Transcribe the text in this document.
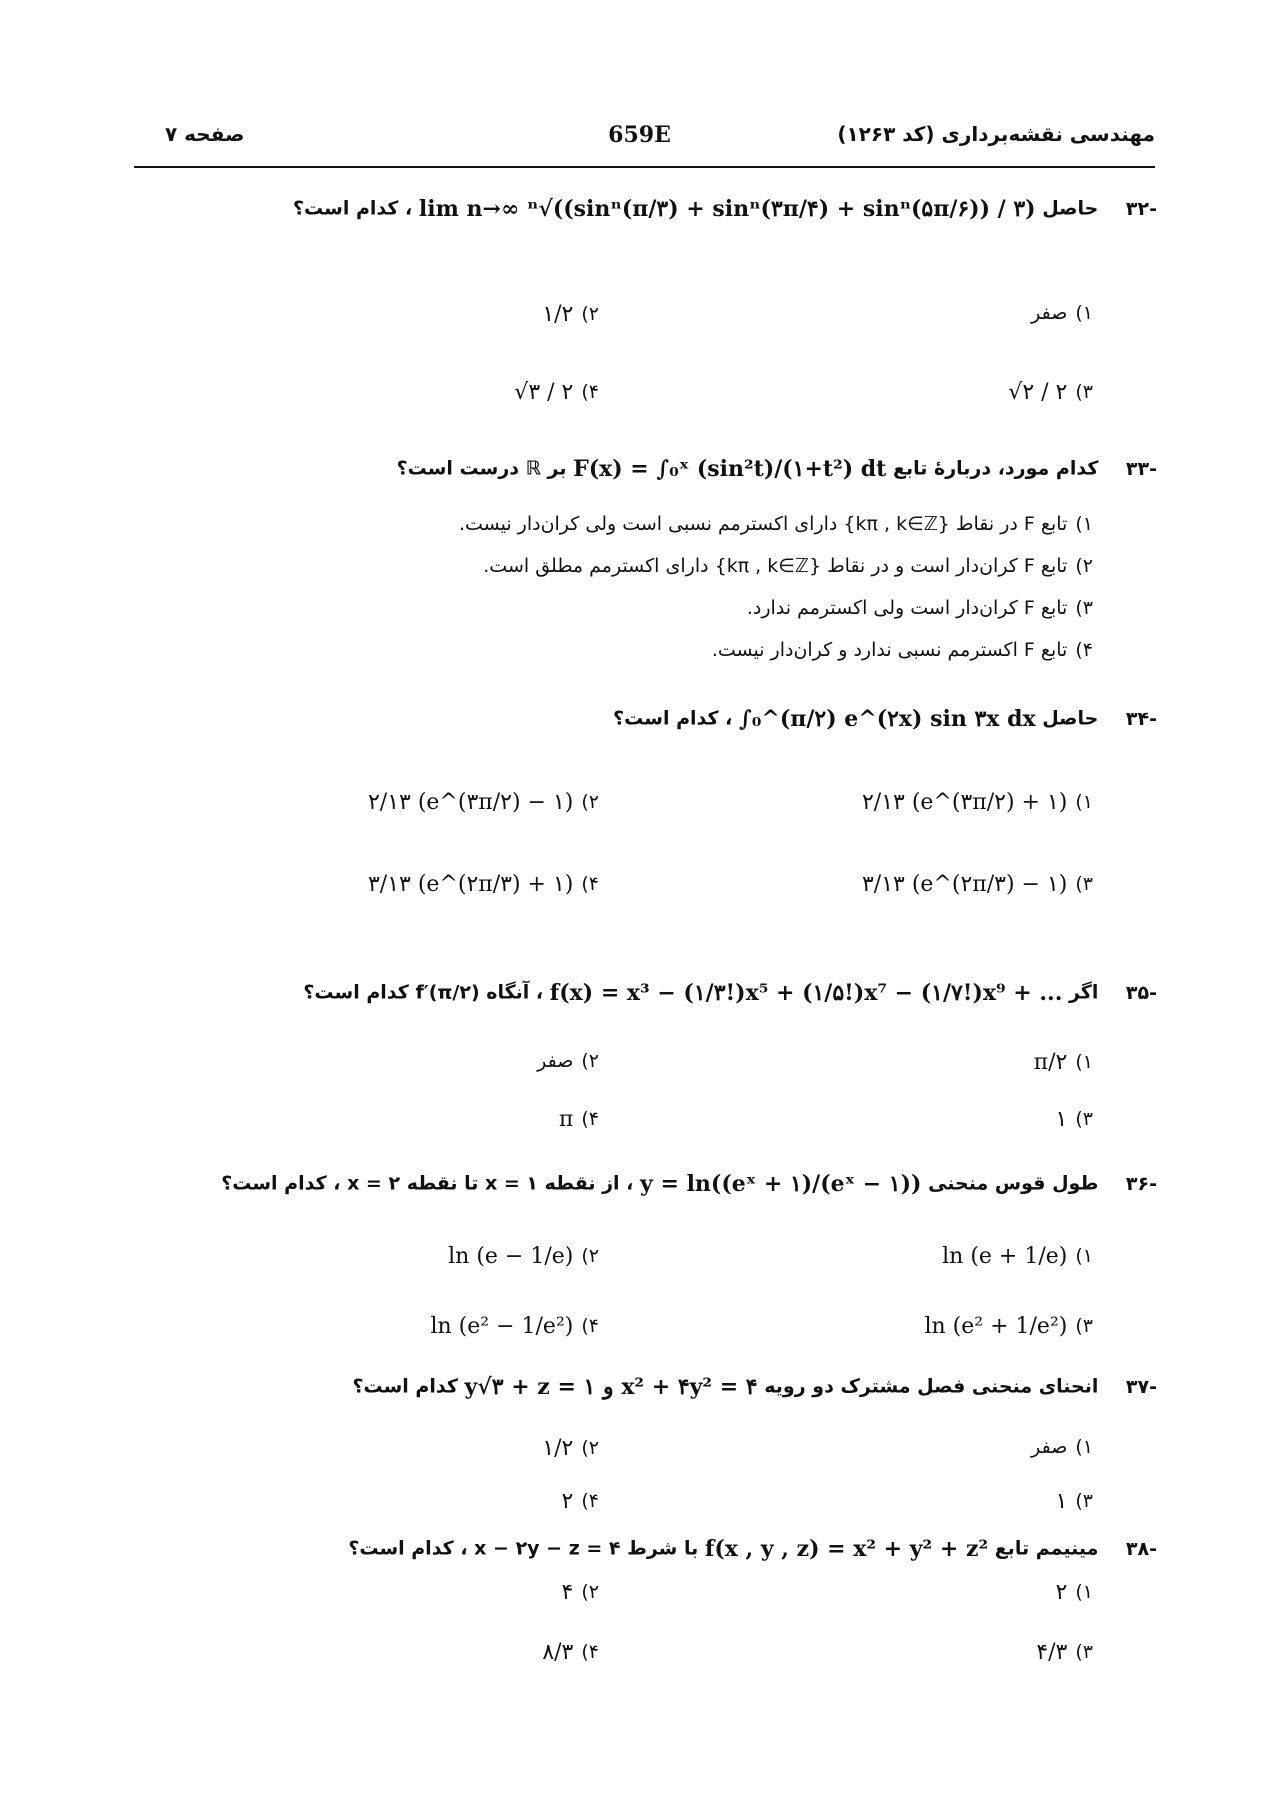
مهندسی نقشه‌برداری (کد ۱۲۶۳)
659E
صفحه ۷
-۳۲ حاصل lim n→∞ ⁿ√((sinⁿ(π/۳) + sinⁿ(۳π/۴) + sinⁿ(۵π/۶)) / ۳) ، کدام است؟
۱)صفر
۲)۱/۲
۳)√۲ / ۲
۴)√۳ / ۲
-۳۳ کدام مورد، دربارهٔ تابع F(x) = ∫₀ˣ (sin²t)/(۱+t²) dt بر ℝ درست است؟
۱)تابع F در نقاط {kπ , k∈ℤ} دارای اکسترمم نسبی است ولی کران‌دار نیست.
۲)تابع F کران‌دار است و در نقاط {kπ , k∈ℤ} دارای اکسترمم مطلق است.
۳)تابع F کران‌دار است ولی اکسترمم ندارد.
۴)تابع F اکسترمم نسبی ندارد و کران‌دار نیست.
-۳۴ حاصل ∫₀^(π/۲) e^(۲x) sin ۳x dx ، کدام است؟
۱)۲/۱۳ (e^(۳π/۲) + ۱)
۲)۲/۱۳ (e^(۳π/۲) − ۱)
۳)۳/۱۳ (e^(۲π/۳) − ۱)
۴)۳/۱۳ (e^(۲π/۳) + ۱)
-۳۵ اگر f(x) = x³ − (۱/۳!)x⁵ + (۱/۵!)x⁷ − (۱/۷!)x⁹ + ... ، آنگاه f′(π/۲) کدام است؟
۱)π/۲
۲)صفر
۳)۱
۴)π
-۳۶ طول قوس منحنی y = ln((eˣ + ۱)/(eˣ − ۱)) ، از نقطه x = ۱ تا نقطه x = ۲ ، کدام است؟
۱)ln (e + 1/e)
۲)ln (e − 1/e)
۳)ln (e² + 1/e²)
۴)ln (e² − 1/e²)
-۳۷ انحنای منحنی فصل مشترک دو رویه y√۳ + z = ۱ و x² + ۴y² = ۴ کدام است؟
۱)صفر
۲)۱/۲
۳)۱
۴)۲
-۳۸ مینیمم تابع f(x , y , z) = x² + y² + z² با شرط x − ۲y − z = ۴ ، کدام است؟
۱)۲
۲)۴
۳)۴/۳
۴)۸/۳
